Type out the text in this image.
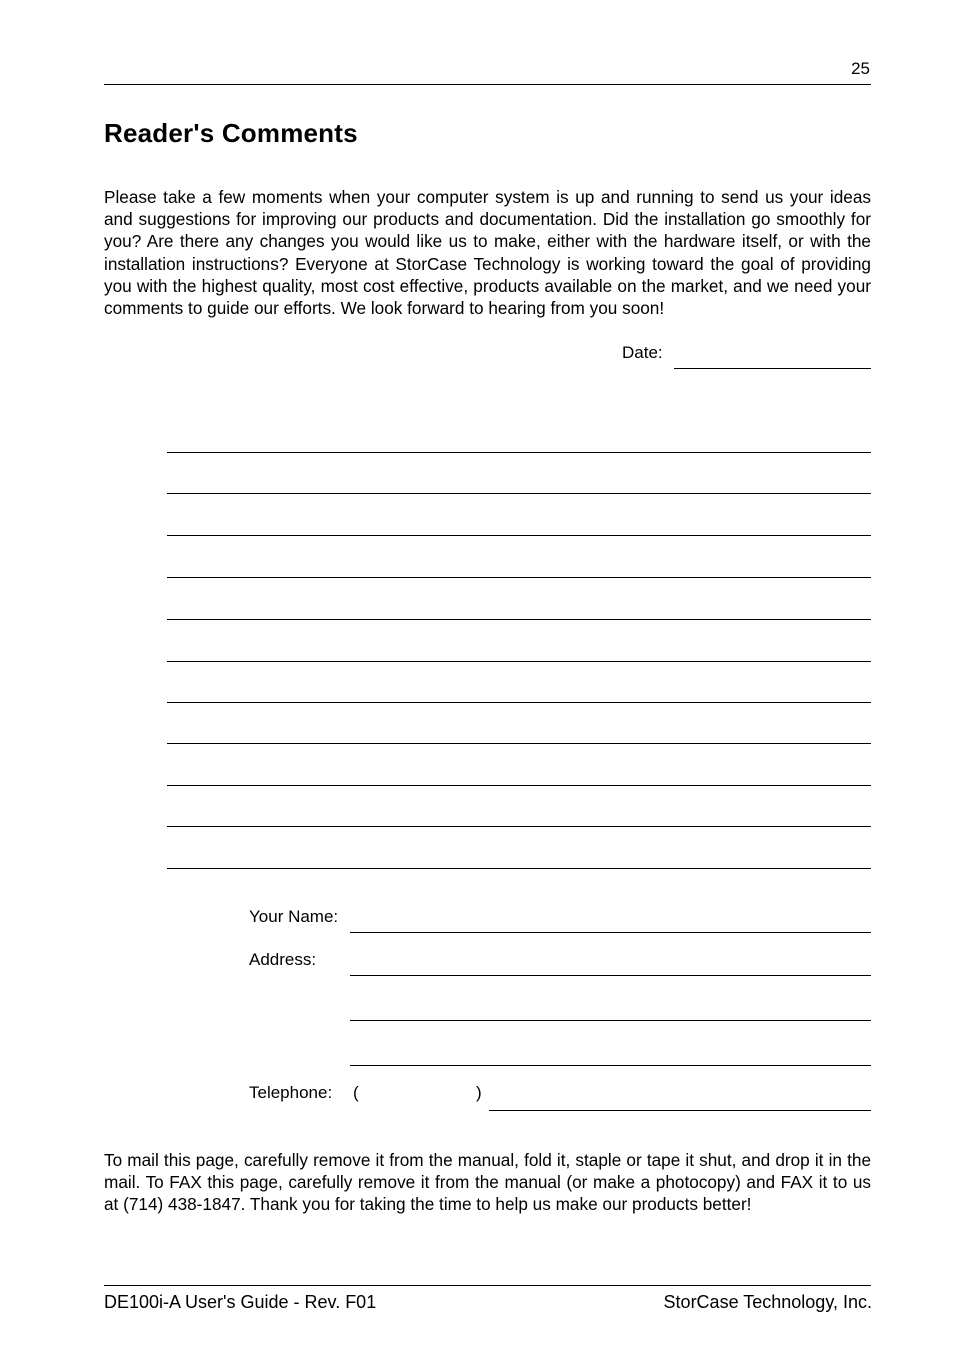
25
Reader's Comments

Please take a few moments when your computer system is up and running to send us your ideas and suggestions for improving our products and documentation. Did the installation go smoothly for you? Are there any changes you would like us to make, either with the hardware itself, or with the installation instructions? Everyone at StorCase Technology is working toward the goal of providing you with the highest quality, most cost effective, products available on the market, and we need your comments to guide our efforts. We look forward to hearing from you soon!

Date:
Your Name:
Address:
Telephone: (	)

To mail this page, carefully remove it from the manual, fold it, staple or tape it shut, and drop it in the mail. To FAX this page, carefully remove it from the manual (or make a photocopy) and FAX it to us at (714) 438-1847. Thank you for taking the time to help us make our products better!

DE100i-A User's Guide - Rev. F01	StorCase Technology, Inc.
